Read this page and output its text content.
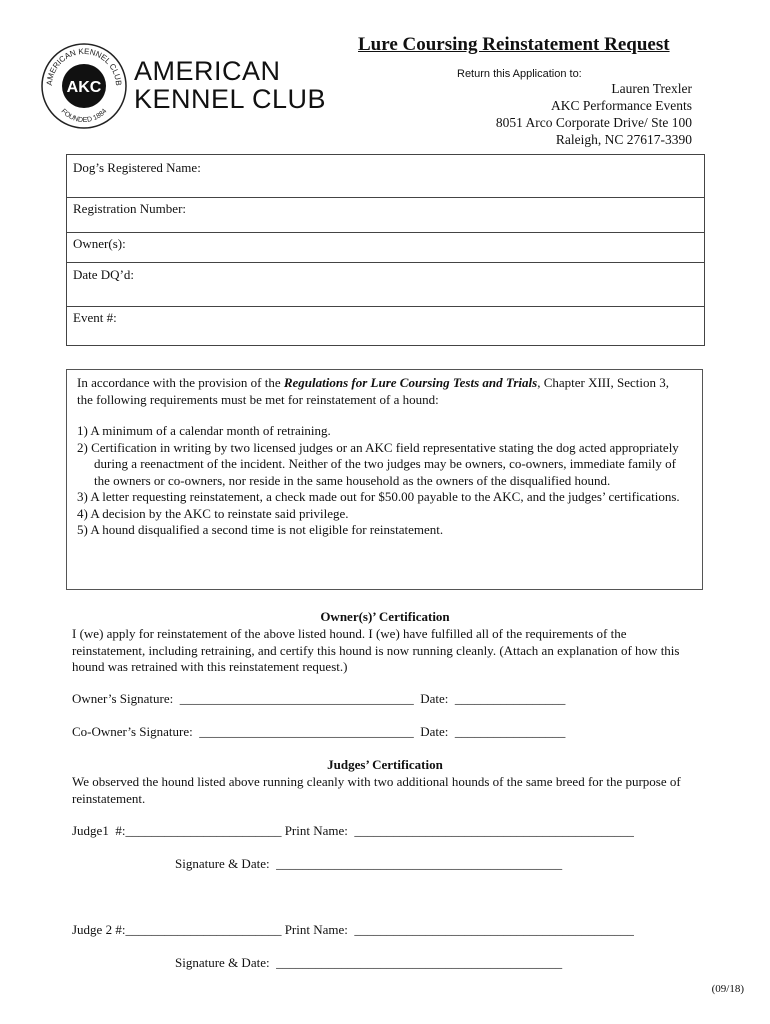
AMERICAN KENNEL CLUB
FOUNDED 1884
AKC
AMERICAN
KENNEL CLUB
Lure Coursing Reinstatement Request
Return this Application to:
Lauren Trexler
AKC Performance Events
8051 Arco Corporate Drive/ Ste 100
Raleigh, NC 27617-3390
Dog’s Registered Name:
Registration Number:
Owner(s):
Date DQ’d:
Event #:

In accordance with the provision of the Regulations for Lure Coursing Tests and Trials, Chapter XIII, Section 3, the following requirements must be met for reinstatement of a hound:

1) A minimum of a calendar month of retraining.

2) Certification in writing by two licensed judges or an AKC field representative stating the dog acted appropriately during a reenactment of the incident. Neither of the two judges may be owners, co-owners, immediate family of the owners or co-owners, nor reside in the same household as the owners of the disqualified hound.

3) A letter requesting reinstatement, a check made out for $50.00 payable to the AKC, and the judges’ certifications.

4) A decision by the AKC to reinstate said privilege.

5) A hound disqualified a second time is not eligible for reinstatement.

Owner(s)’ Certification
I (we) apply for reinstatement of the above listed hound. I (we) have fulfilled all of the requirements of the reinstatement, including retraining, and certify this hound is now running cleanly. (Attach an explanation of how this hound was retrained with this reinstatement request.)
Owner’s Signature:  ____________________________________  Date:  _________________
Co-Owner’s Signature:  _________________________________  Date:  _________________
Judges’ Certification
We observed the hound listed above running cleanly with two additional hounds of the same breed for the purpose of reinstatement.
Judge1  #:________________________ Print Name:  ___________________________________________
Signature & Date:  ____________________________________________
Judge 2 #:________________________ Print Name:  ___________________________________________
Signature & Date:  ____________________________________________
(09/18)
